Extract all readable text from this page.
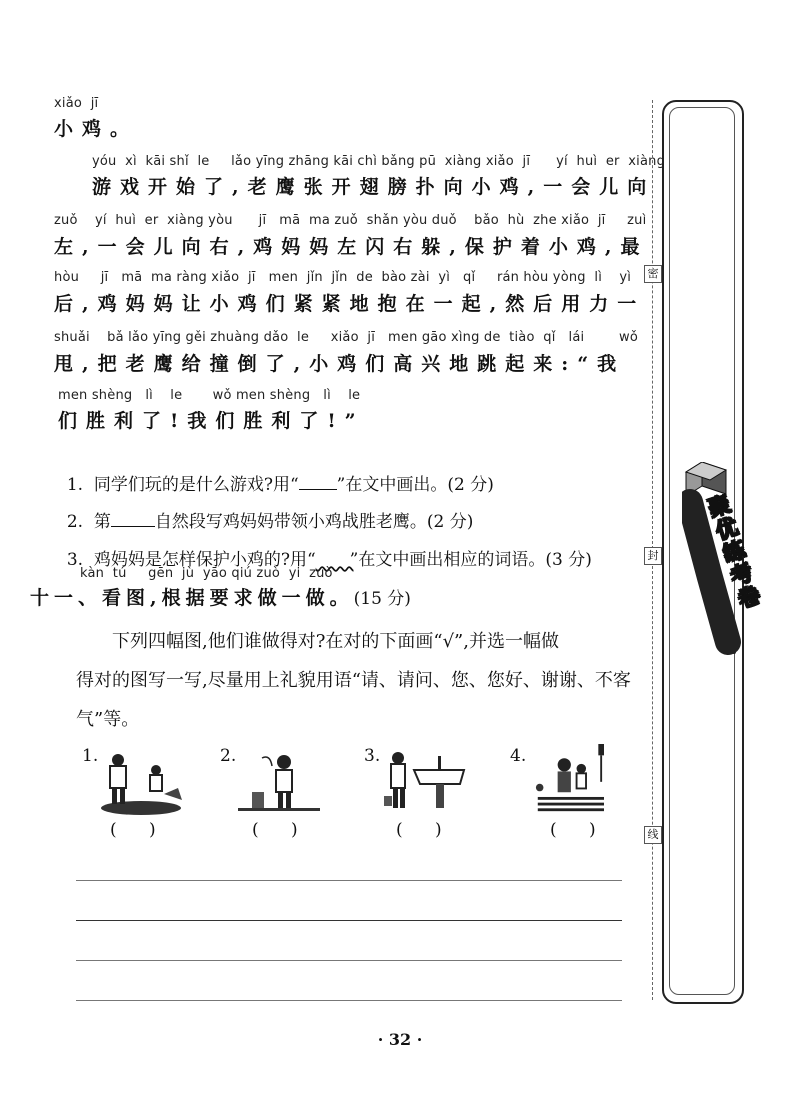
xiǎo  jī
小鸡。
yóu  xì  kāi shǐ  le     lǎo yīng zhāng kāi chì bǎng pū  xiàng xiǎo  jī      yí  huì  er  xiàng
游戏开始了,老鹰张开翅膀扑向小鸡,一会儿向
zuǒ    yí  huì  er  xiàng yòu      jī   mā  ma zuǒ  shǎn yòu duǒ    bǎo  hù  zhe xiǎo  jī     zuì
左,一会儿向右,鸡妈妈左闪右躲,保护着小鸡,最
hòu     jī   mā  ma ràng xiǎo  jī   men  jǐn  jǐn  de  bào zài  yì   qǐ     rán hòu yòng  lì    yì
后,鸡妈妈让小鸡们紧紧地抱在一起,然后用力一
shuǎi    bǎ lǎo yīng gěi zhuàng dǎo  le     xiǎo  jī   men gāo xìng de  tiào  qǐ   lái        wǒ
甩,把老鹰给撞倒了,小鸡们高兴地跳起来:“我
men shèng   lì    le       wǒ men shèng   lì    le
们胜利了!我们胜利了!”

1.  同学们玩的是什么游戏?用“ ”在文中画出。(2 分)

2.  第	自然段写鸡妈妈带领小鸡战胜老鹰。(2 分)

3.  鸡妈妈是怎样保护小鸡的?用“ ”在文中画出相应的词语。(3 分)

kàn  tú     gēn  jù  yāo qiú zuò  yi  zuò
十一、看图,根据要求做一做。(15 分)
下列四幅图,他们谁做得对?在对的下面画“√”,并选一幅做
得对的图写一写,尽量用上礼貌用语“请、请问、您、您好、谢谢、不客
气”等。
1.
(      )
2.
(      )
3.
(      )
4.
(      )
密
封
线
聚优练考卷
· 32 ·
